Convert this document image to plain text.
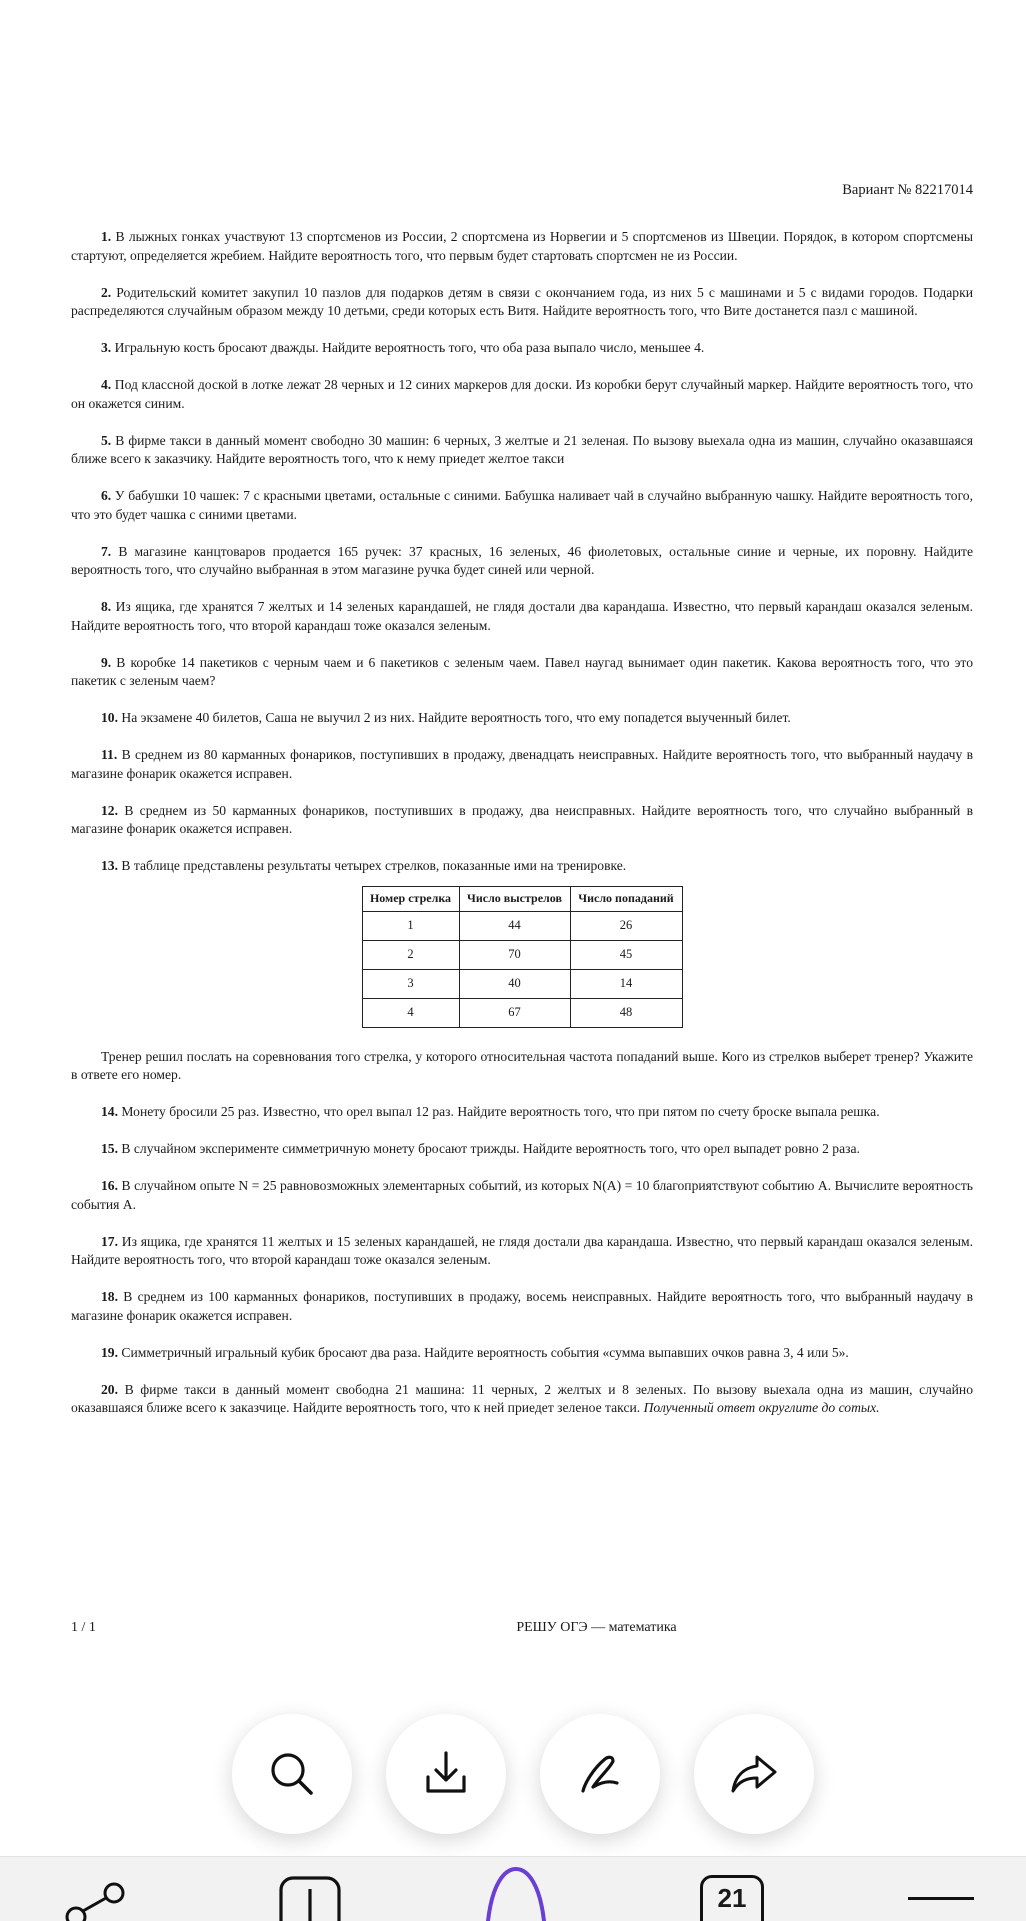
Вариант № 82217014

1. В лыжных гонках участвуют 13 спортсменов из России, 2 спортсмена из Норвегии и 5 спортсменов из Швеции. Порядок, в котором спортсмены стартуют, определяется жребием. Найдите вероятность того, что первым будет стартовать спортсмен не из России.

2. Родительский комитет закупил 10 пазлов для подарков детям в связи с окончанием года, из них 5 с машинами и 5 с видами городов. Подарки распределяются случайным образом между 10 детьми, среди которых есть Витя. Найдите вероятность того, что Вите достанется пазл с машиной.

3. Игральную кость бросают дважды. Найдите вероятность того, что оба раза выпало число, меньшее 4.

4. Под классной доской в лотке лежат 28 черных и 12 синих маркеров для доски. Из коробки берут случайный маркер. Найдите вероятность того, что он окажется синим.

5. В фирме такси в данный момент свободно 30 машин: 6 черных, 3 желтые и 21 зеленая. По вызову выехала одна из машин, случайно оказавшаяся ближе всего к заказчику. Найдите вероятность того, что к нему приедет желтое такси

6. У бабушки 10 чашек: 7 с красными цветами, остальные с синими. Бабушка наливает чай в случайно выбранную чашку. Найдите вероятность того, что это будет чашка с синими цветами.

7. В магазине канцтоваров продается 165 ручек: 37 красных, 16 зеленых, 46 фиолетовых, остальные синие и черные, их поровну. Найдите вероятность того, что случайно выбранная в этом магазине ручка будет синей или черной.

8. Из ящика, где хранятся 7 желтых и 14 зеленых карандашей, не глядя достали два карандаша. Известно, что первый карандаш оказался зеленым. Найдите вероятность того, что второй карандаш тоже оказался зеленым.

9. В коробке 14 пакетиков с черным чаем и 6 пакетиков с зеленым чаем. Павел наугад вынимает один пакетик. Какова вероятность того, что это пакетик с зеленым чаем?

10. На экзамене 40 билетов, Саша не выучил 2 из них. Найдите вероятность того, что ему попадется выученный билет.

11. В среднем из 80 карманных фонариков, поступивших в продажу, двенадцать неисправных. Найдите вероятность того, что выбранный наудачу в магазине фонарик окажется исправен.

12. В среднем из 50 карманных фонариков, поступивших в продажу, два неисправных. Найдите вероятность того, что случайно выбранный в магазине фонарик окажется исправен.

13. В таблице представлены результаты четырех стрелков, показанные ими на тренировке.

Номер стрелка	Число выстрелов	Число попаданий
1	44	26
2	70	45
3	40	14
4	67	48

Тренер решил послать на соревнования того стрелка, у которого относительная частота попаданий выше. Кого из стрелков выберет тренер? Укажите в ответе его номер.

14. Монету бросили 25 раз. Известно, что орел выпал 12 раз. Найдите вероятность того, что при пятом по счету броске выпала решка.

15. В случайном эксперименте симметричную монету бросают трижды. Найдите вероятность того, что орел выпадет ровно 2 раза.

16. В случайном опыте N = 25 равновозможных элементарных событий, из которых N(A) = 10 благоприятствуют событию A. Вычислите вероятность события A.

17. Из ящика, где хранятся 11 желтых и 15 зеленых карандашей, не глядя достали два карандаша. Известно, что первый карандаш оказался зеленым. Найдите вероятность того, что второй карандаш тоже оказался зеленым.

18. В среднем из 100 карманных фонариков, поступивших в продажу, восемь неисправных. Найдите вероятность того, что выбранный наудачу в магазине фонарик окажется исправен.

19. Симметричный игральный кубик бросают два раза. Найдите вероятность события «сумма выпавших очков равна 3, 4 или 5».

20. В фирме такси в данный момент свободна 21 машина: 11 черных, 2 желтых и 8 зеленых. По вызову выехала одна из машин, случайно оказавшаяся ближе всего к заказчице. Найдите вероятность того, что к ней приедет зеленое такси. Полученный ответ округлите до сотых.

1 / 1	РЕШУ ОГЭ — математика
21
